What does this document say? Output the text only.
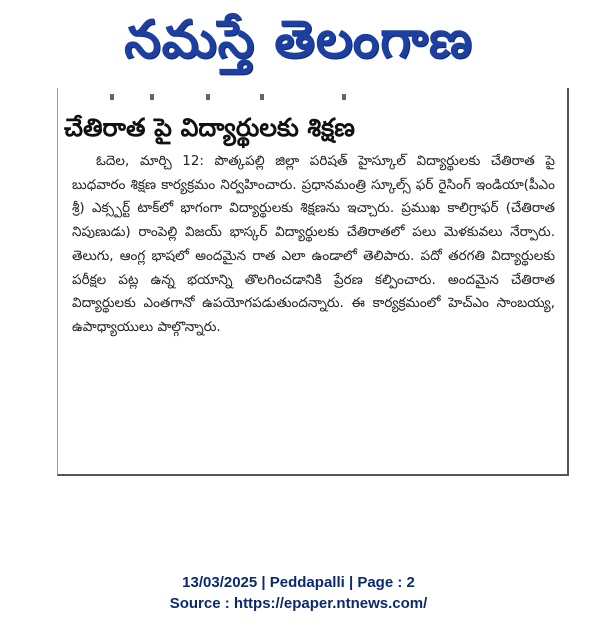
నమస్తే తెలంగాణ
చేతిరాత పై విద్యార్థులకు శిక్షణ

ఓదెల, మార్చి 12: పొత్కపల్లి జిల్లా పరిషత్ హైస్కూల్ విద్యార్థులకు చేతిరాత పై బుధవారం శిక్షణ కార్యక్రమం నిర్వహించారు. ప్రధానమంత్రి స్కూల్స్ ఫర్ రైసింగ్ ఇండియా(పీఎం శ్రీ) ఎక్స్పర్ట్ టాక్‌లో భాగంగా విద్యార్థులకు శిక్షణను ఇచ్చారు. ప్రముఖ కాలిగ్రాఫర్ (చేతిరాత నిపుణుడు) రాంపెల్లి విజయ్ భాస్కర్ విద్యార్థులకు చేతిరాతలో పలు మెళకువలు నేర్పారు. తెలుగు, ఆంగ్ల భాషలో అందమైన రాత ఎలా ఉండాలో తెలిపారు. పదో తరగతి విద్యార్థులకు పరీక్షల పట్ల ఉన్న భయాన్ని తొలగించడానికి ప్రేరణ కల్పించారు. అందమైన చేతిరాత విద్యార్థులకు ఎంతగానో ఉపయోగపడుతుందన్నారు. ఈ కార్యక్రమంలో హెచ్ఎం సాంబయ్య, ఉపాధ్యాయులు పాల్గొన్నారు.

13/03/2025 | Peddapalli | Page : 2
Source : https://epaper.ntnews.com/
